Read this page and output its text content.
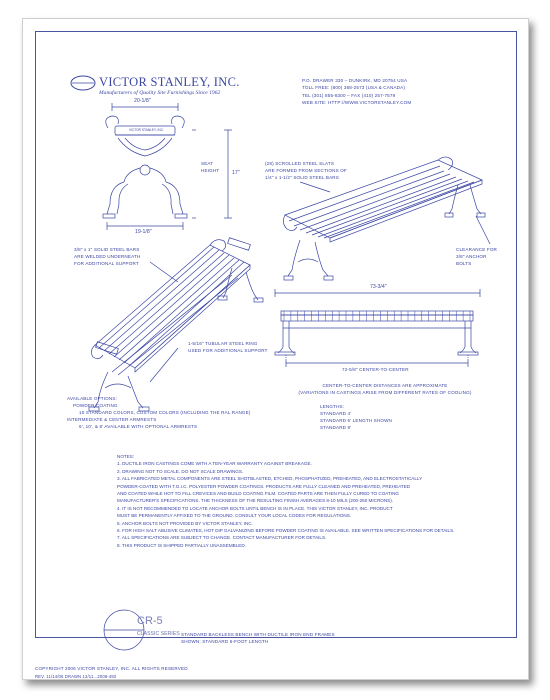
VICTOR STANLEY, INC.
Manufacturers of Quality Site Furnishings Since 1962
P.O. DRAWER 330 – DUNKIRK, MD 20754 USA
TOLL FREE: (800) 368-2573 (USA & CANADA)
TEL (301) 855-8300 – FAX (410) 257-7579
WEB SITE: HTTP://WWW.VICTORSTANLEY.COM
20-1/8"
VICTOR STANLEY, INC.
19-1/8"
SEAT HEIGHT	17"
(28) SCROLLED STEEL SLATS
ARE FORMED FROM SECTIONS OF
1/4" x 1-1/2" SOLID STEEL BARS
3/8" x 1" SOLID STEEL BARS
ARE WELDED UNDERNEATH
FOR ADDITIONAL SUPPORT
CLEARANCE FOR
3/8" ANCHOR
BOLTS
73-3/4"
1-5/16" TUBULAR STEEL RING
USED FOR ADDITIONAL SUPPORT
72-5/8" CENTER-TO-CENTER
CENTER-TO-CENTER DISTANCES ARE APPROXIMATE
(VARIATIONS IN CASTINGS ARISE FROM DIFFERENT RATES OF COOLING)
AVAILABLE OPTIONS:
POWDER COATING
10 STANDARD COLORS, CUSTOM COLORS (INCLUDING THE RAL RANGE)
INTERMEDIATE & CENTER ARMRESTS
6', 10', & 8' AVAILABLE WITH OPTIONAL ARMRESTS
LENGTHS:
STANDARD 4'
STANDARD 6' LENGTH SHOWN
STANDARD 8'
NOTES:
1. DUCTILE IRON CASTINGS COME WITH A TEN-YEAR WARRANTY AGAINST BREAKAGE.
2. DRAWING NOT TO SCALE. DO NOT SCALE DRAWINGS.
3. ALL FABRICATED METAL COMPONENTS ARE STEEL SHOTBLASTED, ETCHED, PHOSPHATIZED, PREHEATED, AND ELECTROSTATICALLY
POWDER-COATED WITH T.G.I.C. POLYESTER POWDER COATINGS. PRODUCTS ARE FULLY CLEANED AND PREHEATED, PREHEATED
AND COATED WHILE HOT TO FILL CREVICES AND BUILD COATING FILM. COATED PARTS ARE THEN FULLY CURED TO COATING
MANUFACTURER'S SPECIFICATIONS. THE THICKNESS OF THE RESULTING FINISH AVERAGES 8-10 MILS (200-250 MICRONS).
4. IT IS NOT RECOMMENDED TO LOCATE ANCHOR BOLTS UNTIL BENCH IS IN PLACE. THIS VICTOR STANLEY, INC. PRODUCT
MUST BE PERMANENTLY AFFIXED TO THE GROUND. CONSULT YOUR LOCAL CODES FOR REGULATIONS.
5. ANCHOR BOLTS NOT PROVIDED BY VICTOR STANLEY, INC.
6. FOR HIGH SALT ABUSIVE CLIMATES, HOT DIP GALVANIZING BEFORE POWDER COATING IS AVAILABLE. SEE WRITTEN SPECIFICATIONS FOR DETAILS.
7. ALL SPECIFICATIONS ARE SUBJECT TO CHANGE. CONTACT MANUFACTURER FOR DETAILS.
8. THIS PRODUCT IS SHIPPED PARTIALLY UNASSEMBLED.
CR-5
CLASSIC SERIES STANDARD BACKLESS BENCH WITH DUCTILE IRON END FRAMES
SHOWN: STANDARD 6-FOOT LENGTH
COPYRIGHT 2006 VICTOR STANLEY, INC. ALL RIGHTS RESERVED
REV. 11/14/06 DRAWN 12/11...2006-483
